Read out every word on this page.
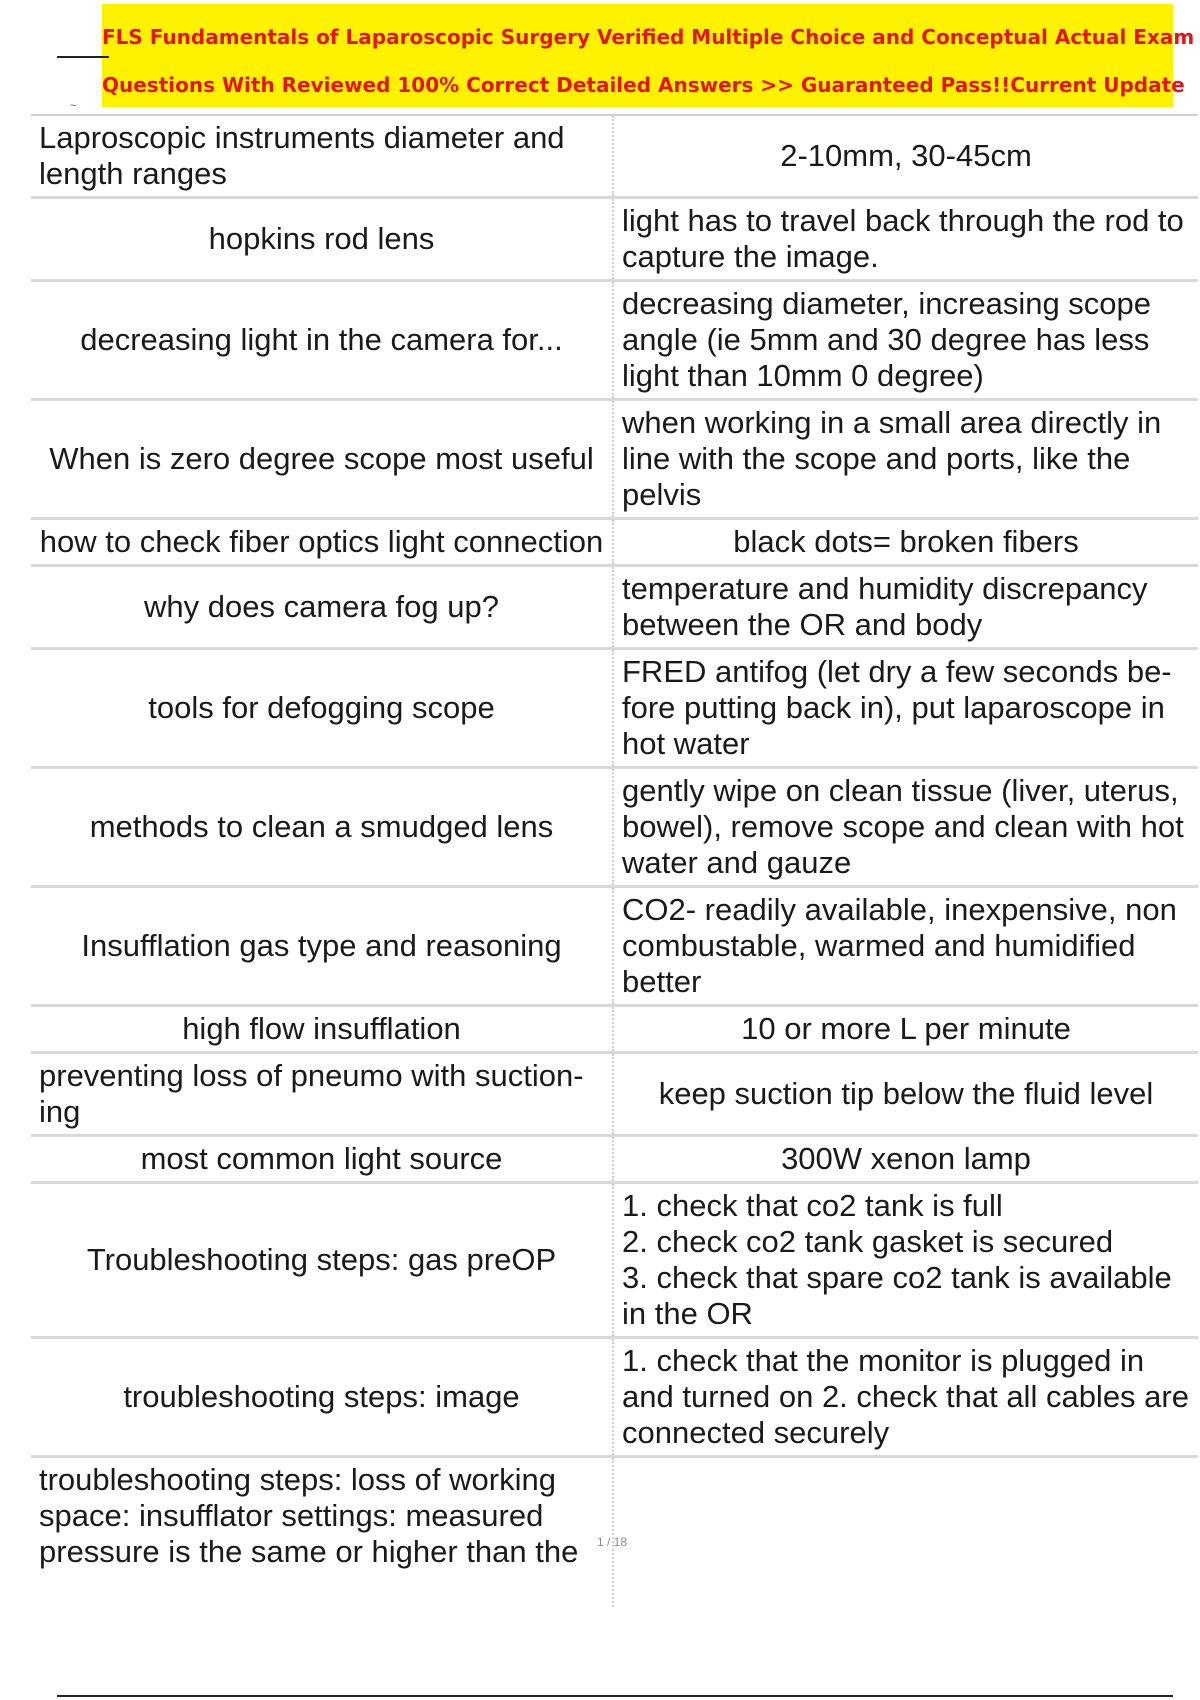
FLS Fundamentals of Laparoscopic Surgery Verified Multiple Choice and Conceptual Actual Exam
Questions With Reviewed 100% Correct Detailed Answers >> Guaranteed Pass!!Current Update
~
Laproscopic instruments diameter and
length ranges	2-10mm, 30-45cm

hopkins rod lens	light has to travel back through the rod to
capture the image.

decreasing light in the camera for...	decreasing diameter, increasing scope
angle (ie 5mm and 30 degree has less
light than 10mm 0 degree)

When is zero degree scope most useful	when working in a small area directly in
line with the scope and ports, like the
pelvis

how to check fiber optics light connection	black dots= broken fibers

why does camera fog up?	temperature and humidity discrepancy
between the OR and body

tools for defogging scope	FRED antifog (let dry a few seconds be-
fore putting back in), put laparoscope in
hot water

methods to clean a smudged lens	gently wipe on clean tissue (liver, uterus,
bowel), remove scope and clean with hot
water and gauze

Insufflation gas type and reasoning	CO2- readily available, inexpensive, non
combustable, warmed and humidified
better

high flow insufflation	10 or more L per minute

preventing loss of pneumo with suction-
ing	keep suction tip below the fluid level

most common light source	300W xenon lamp

Troubleshooting steps: gas preOP	1. check that co2 tank is full
2. check co2 tank gasket is secured
3. check that spare co2 tank is available
in the OR

troubleshooting steps: image	1. check that the monitor is plugged in
and turned on 2. check that all cables are
connected securely

troubleshooting steps: loss of working
space: insufflator settings: measured
pressure is the same or higher than the	
		1 / 18
